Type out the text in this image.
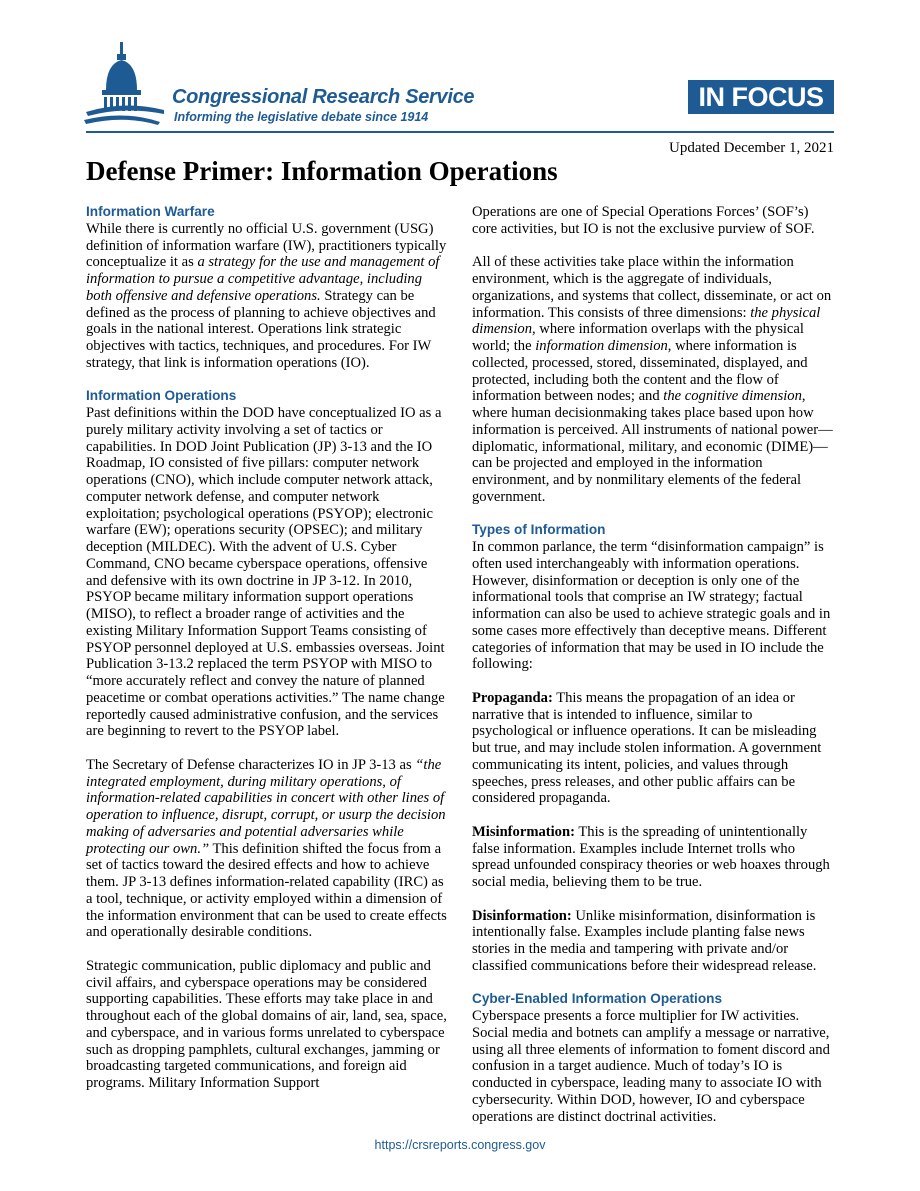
Congressional Research Service
Informing the legislative debate since 1914
IN FOCUS
Updated December 1, 2021
Defense Primer: Information Operations
Information Warfare

While there is currently no official U.S. government (USG) definition of information warfare (IW), practitioners typically conceptualize it as a strategy for the use and management of information to pursue a competitive advantage, including both offensive and defensive operations. Strategy can be defined as the process of planning to achieve objectives and goals in the national interest. Operations link strategic objectives with tactics, techniques, and procedures. For IW strategy, that link is information operations (IO).

Information Operations

Past definitions within the DOD have conceptualized IO as a purely military activity involving a set of tactics or capabilities. In DOD Joint Publication (JP) 3-13 and the IO Roadmap, IO consisted of five pillars: computer network operations (CNO), which include computer network attack, computer network defense, and computer network exploitation; psychological operations (PSYOP); electronic warfare (EW); operations security (OPSEC); and military deception (MILDEC). With the advent of U.S. Cyber Command, CNO became cyberspace operations, offensive and defensive with its own doctrine in JP 3-12. In 2010, PSYOP became military information support operations (MISO), to reflect a broader range of activities and the existing Military Information Support Teams consisting of PSYOP personnel deployed at U.S. embassies overseas. Joint Publication 3-13.2 replaced the term PSYOP with MISO to “more accurately reflect and convey the nature of planned peacetime or combat operations activities.” The name change reportedly caused administrative confusion, and the services are beginning to revert to the PSYOP label.

The Secretary of Defense characterizes IO in JP 3-13 as “the integrated employment, during military operations, of information-related capabilities in concert with other lines of operation to influence, disrupt, corrupt, or usurp the decision making of adversaries and potential adversaries while protecting our own.” This definition shifted the focus from a set of tactics toward the desired effects and how to achieve them. JP 3-13 defines information-related capability (IRC) as a tool, technique, or activity employed within a dimension of the information environment that can be used to create effects and operationally desirable conditions.

Strategic communication, public diplomacy and public and civil affairs, and cyberspace operations may be considered supporting capabilities. These efforts may take place in and throughout each of the global domains of air, land, sea, space, and cyberspace, and in various forms unrelated to cyberspace such as dropping pamphlets, cultural exchanges, jamming or broadcasting targeted communications, and foreign aid programs. Military Information Support

Operations are one of Special Operations Forces’ (SOF’s) core activities, but IO is not the exclusive purview of SOF.

All of these activities take place within the information environment, which is the aggregate of individuals, organizations, and systems that collect, disseminate, or act on information. This consists of three dimensions: the physical dimension, where information overlaps with the physical world; the information dimension, where information is collected, processed, stored, disseminated, displayed, and protected, including both the content and the flow of information between nodes; and the cognitive dimension, where human decisionmaking takes place based upon how information is perceived. All instruments of national power—diplomatic, informational, military, and economic (DIME)—can be projected and employed in the information environment, and by nonmilitary elements of the federal government.

Types of Information

In common parlance, the term “disinformation campaign” is often used interchangeably with information operations. However, disinformation or deception is only one of the informational tools that comprise an IW strategy; factual information can also be used to achieve strategic goals and in some cases more effectively than deceptive means. Different categories of information that may be used in IO include the following:

Propaganda: This means the propagation of an idea or narrative that is intended to influence, similar to psychological or influence operations. It can be misleading but true, and may include stolen information. A government communicating its intent, policies, and values through speeches, press releases, and other public affairs can be considered propaganda.

Misinformation: This is the spreading of unintentionally false information. Examples include Internet trolls who spread unfounded conspiracy theories or web hoaxes through social media, believing them to be true.

Disinformation: Unlike misinformation, disinformation is intentionally false. Examples include planting false news stories in the media and tampering with private and/or classified communications before their widespread release.

Cyber-Enabled Information Operations

Cyberspace presents a force multiplier for IW activities. Social media and botnets can amplify a message or narrative, using all three elements of information to foment discord and confusion in a target audience. Much of today’s IO is conducted in cyberspace, leading many to associate IO with cybersecurity. Within DOD, however, IO and cyberspace operations are distinct doctrinal activities.

https://crsreports.congress.gov
